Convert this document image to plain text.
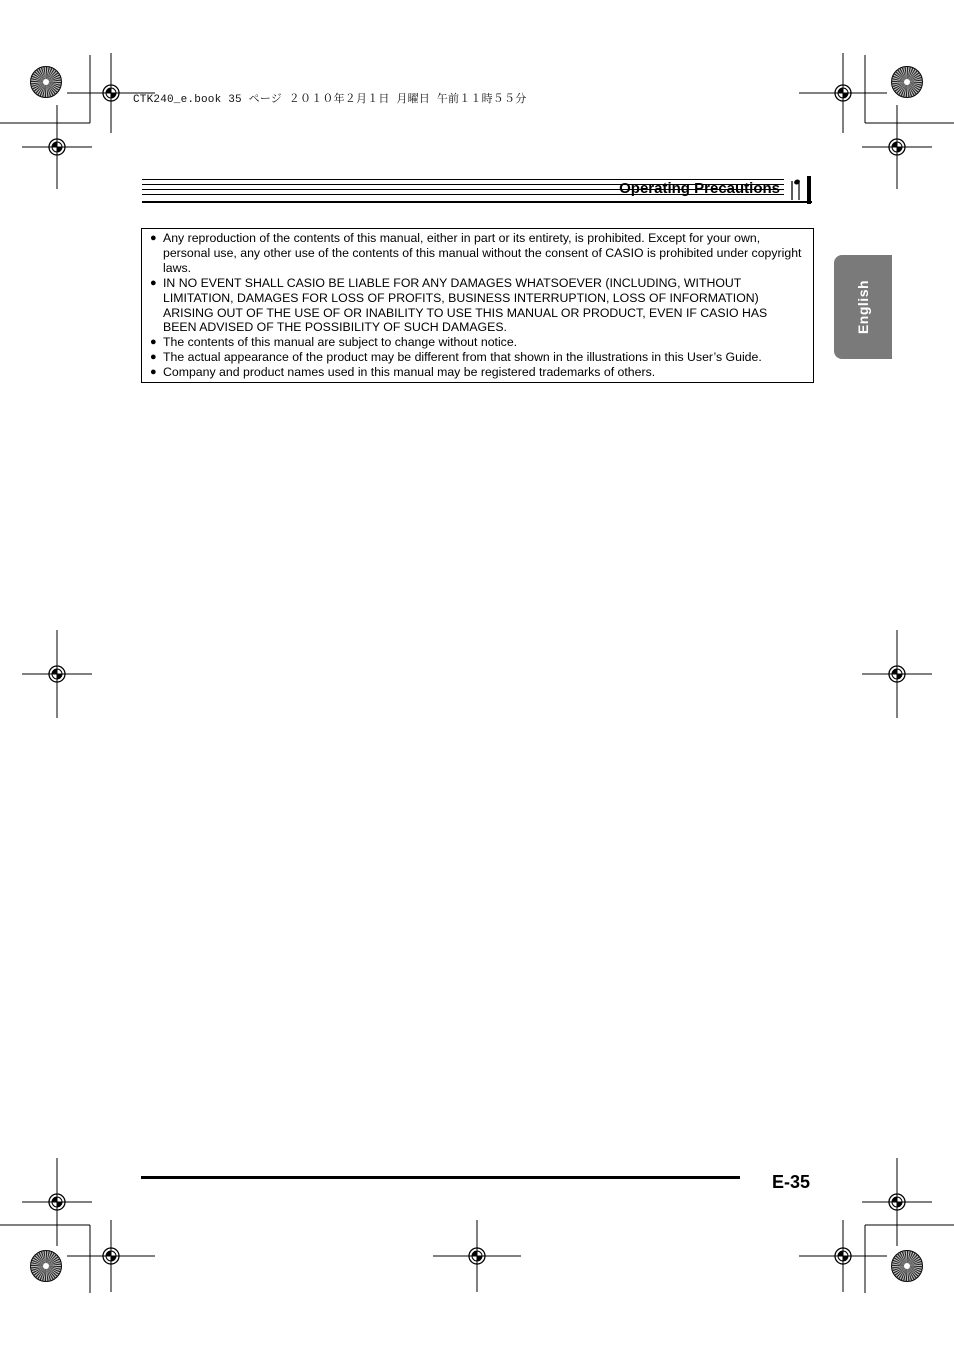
CTK240_e.book 35 ページ ２０１０年２月１日 月曜日 午前１１時５５分
Operating Precautions
● Any reproduction of the contents of this manual, either in part or its entirety, is prohibited. Except for your own, personal use, any other use of the contents of this manual without the consent of CASIO is prohibited under copyright laws.
● IN NO EVENT SHALL CASIO BE LIABLE FOR ANY DAMAGES WHATSOEVER (INCLUDING, WITHOUT LIMITATION, DAMAGES FOR LOSS OF PROFITS, BUSINESS INTERRUPTION, LOSS OF INFORMATION) ARISING OUT OF THE USE OF OR INABILITY TO USE THIS MANUAL OR PRODUCT, EVEN IF CASIO HAS BEEN ADVISED OF THE POSSIBILITY OF SUCH DAMAGES.
● The contents of this manual are subject to change without notice.
● The actual appearance of the product may be different from that shown in the illustrations in this User’s Guide.
● Company and product names used in this manual may be registered trademarks of others.
English
E-35
